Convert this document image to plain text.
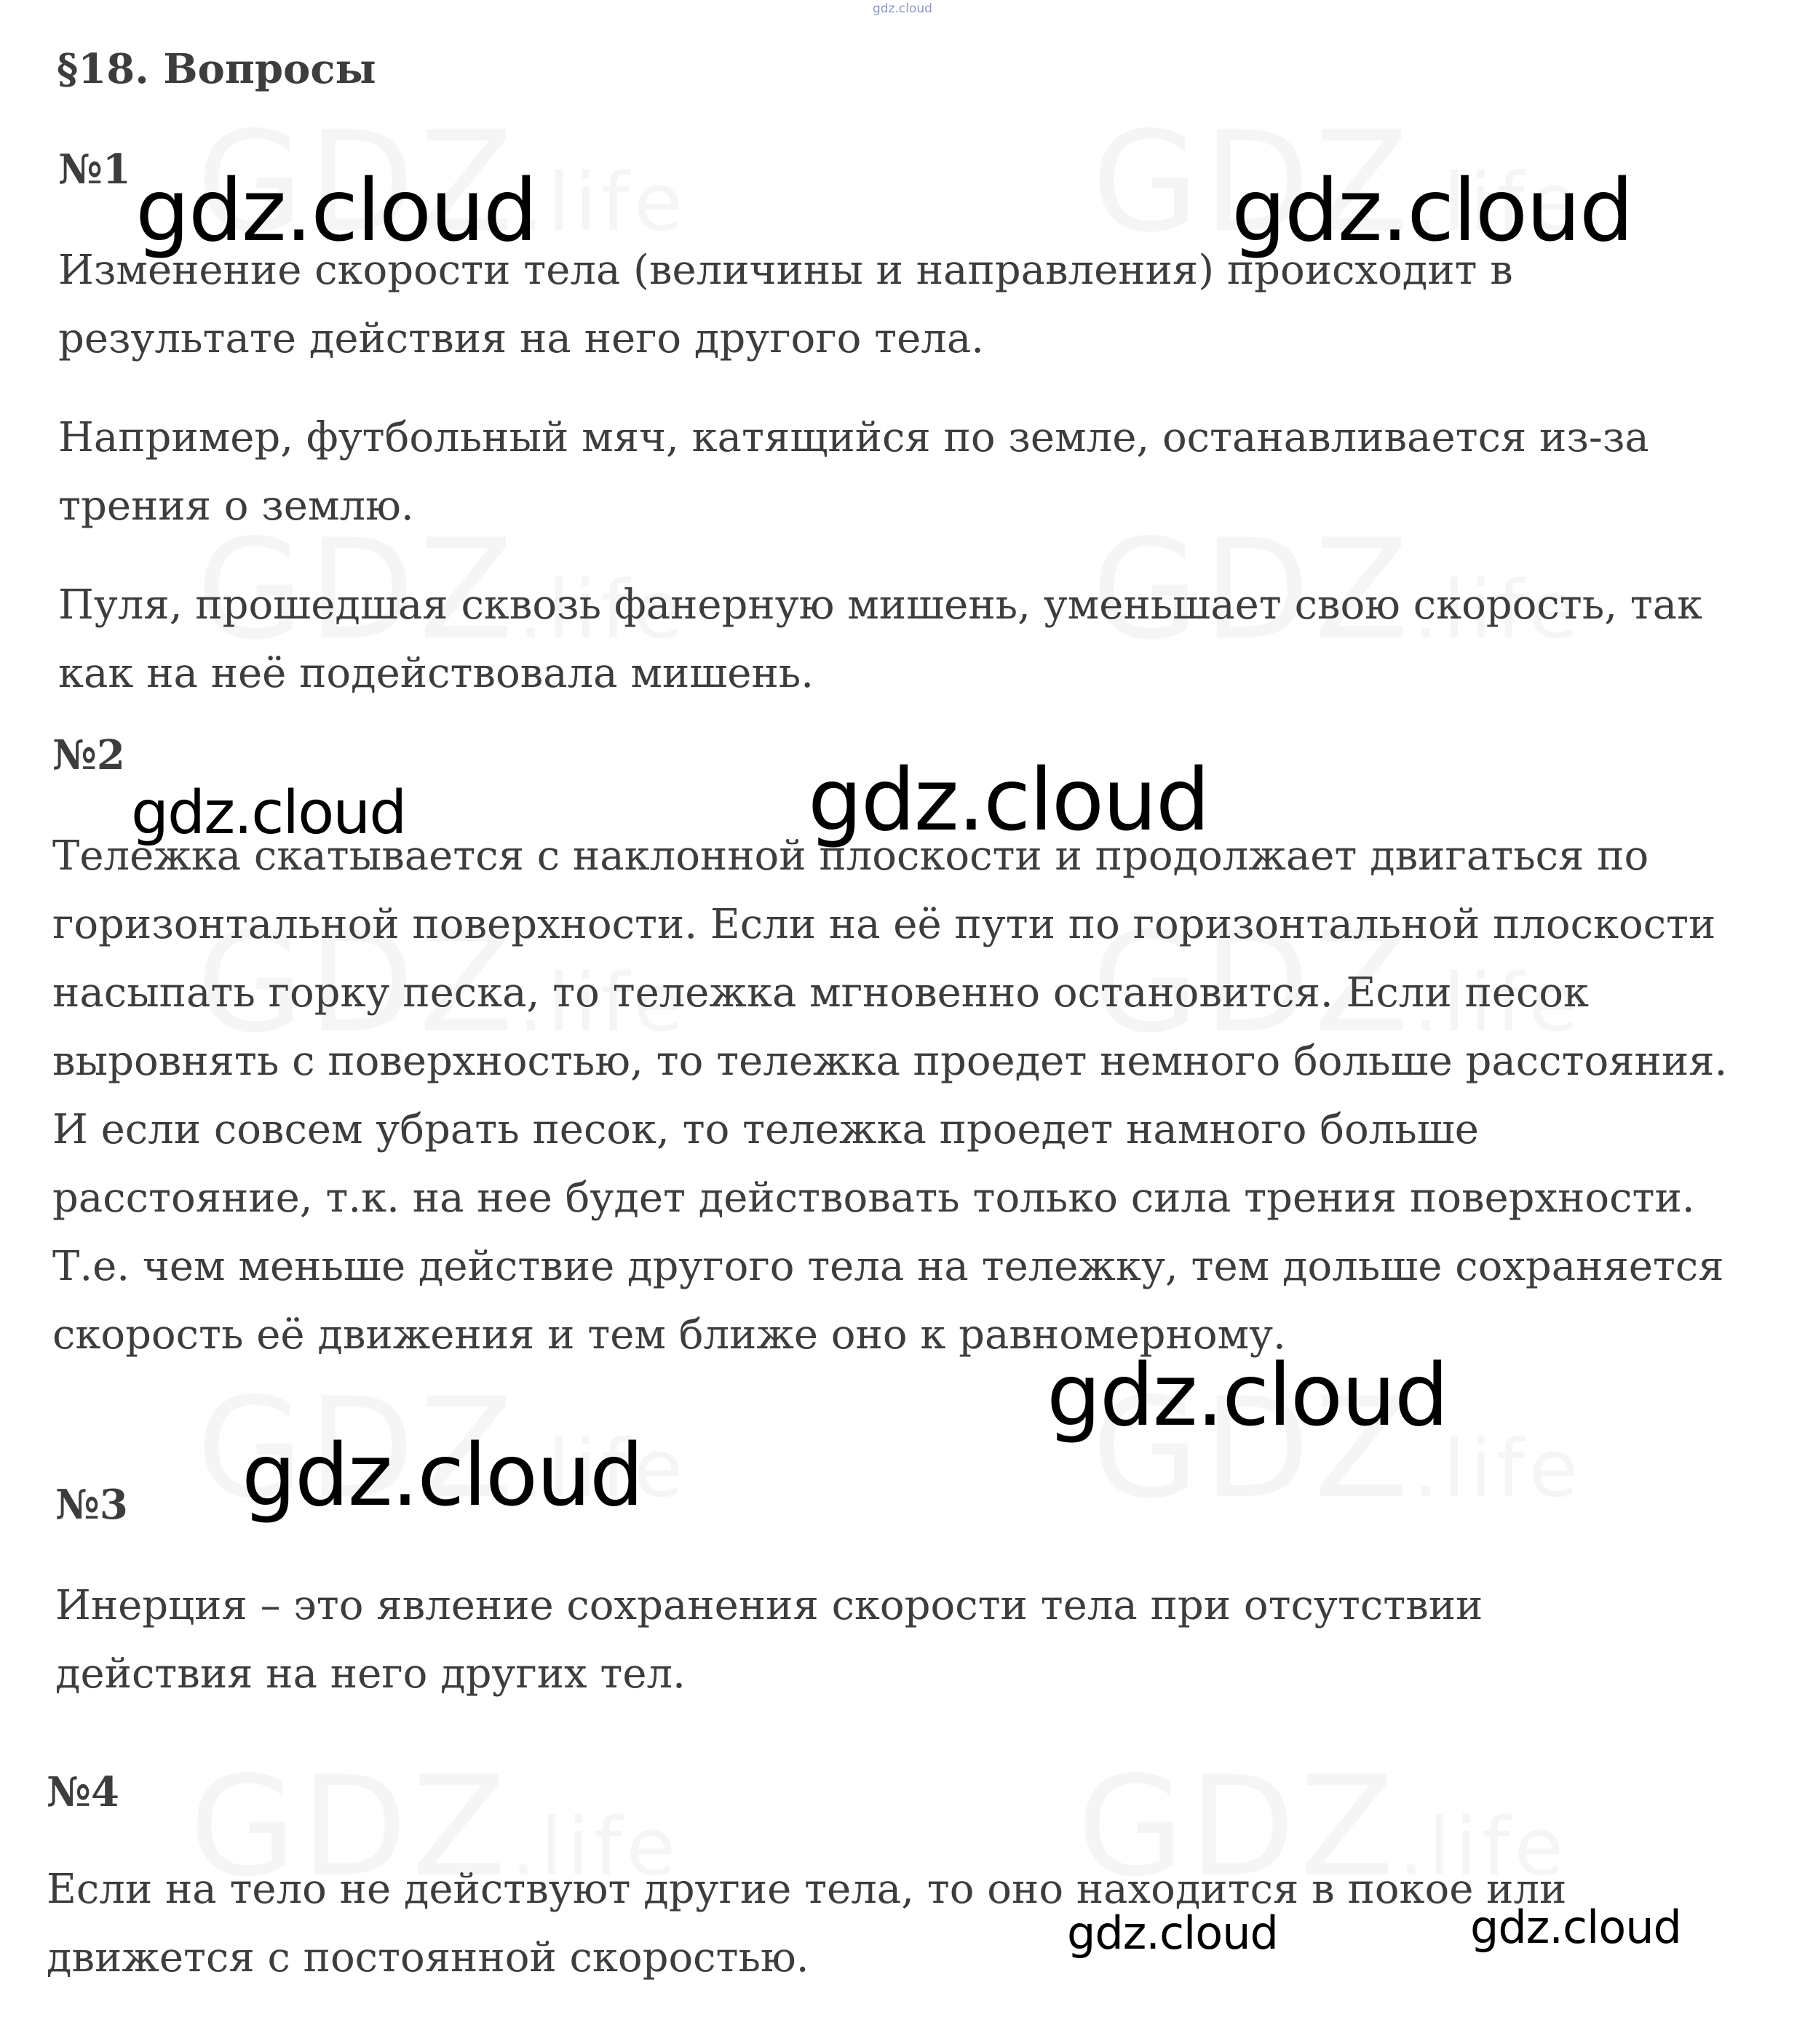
gdz.cloud
§18. Вопросы
№1

Изменение скорости тела (величины и направления) происходит в результате действия на него другого тела.

Например, футбольный мяч, катящийся по земле, останавливается из-за трения о землю.

Пуля, прошедшая сквозь фанерную мишень, уменьшает свою скорость, так как на неё подействовала мишень.

№2

Тележка скатывается с наклонной плоскости и продолжает двигаться по горизонтальной поверхности. Если на её пути по горизонтальной плоскости насыпать горку песка, то тележка мгновенно остановится. Если песок выровнять с поверхностью, то тележка проедет немного больше расстояния. И если совсем убрать песок, то тележка проедет намного больше расстояние, т.к. на нее будет действовать только сила трения поверхности. Т.е. чем меньше действие другого тела на тележку, тем дольше сохраняется скорость её движения и тем ближе оно к равномерному.

№3

Инерция – это явление сохранения скорости тела при отсутствии действия на него других тел.

№4

Если на тело не действуют другие тела, то оно находится в покое или движется с постоянной скоростью.

gdz.cloud	gdz.cloud
gdz.cloud	gdz.cloud
gdz.cloud
gdz.cloud
gdz.cloud	gdz.cloud
